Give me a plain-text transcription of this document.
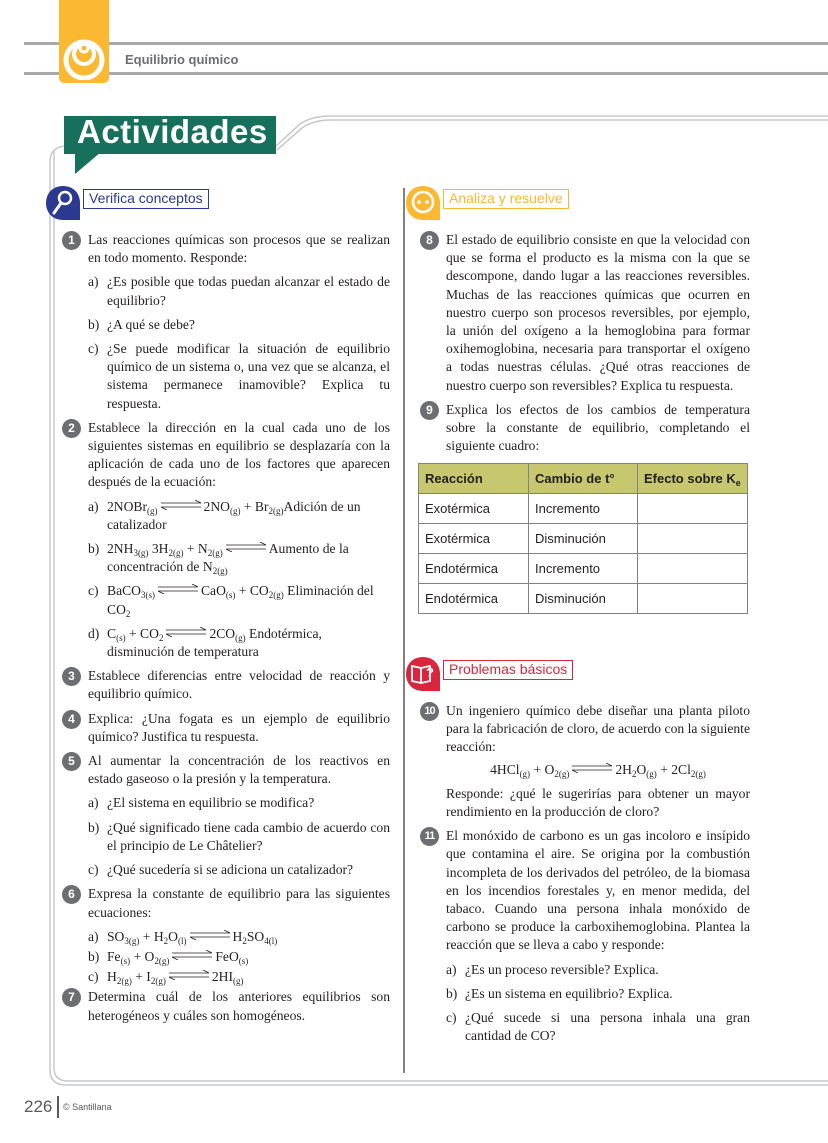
Equilibrio químico
Actividades
Verifica conceptos	Analiza y resuelve
?	Problemas básicos
1 Las reacciones químicas son procesos que se realizan en todo momento. Responde:
a) ¿Es posible que todas puedan alcanzar el estado de equilibrio?
b) ¿A qué se debe?
c) ¿Se puede modificar la situación de equilibrio químico de un sistema o, una vez que se alcanza, el sistema permanece inamovible? Explica tu respuesta.
2 Establece la dirección en la cual cada uno de los siguientes sistemas en equilibrio se desplazaría con la aplicación de cada uno de los factores que aparecen después de la ecuación:
a) 2NOBr$_{(g)}$ ⇌ $2NO_{(g)}$ + $Br_{2(g)}Adición$ de un catalizador
b) $2NH_{3(g)}$ $3H_{2(g)} + N_{2(g)}$ ⇌ Aumento de la concentración de $N_{2(g)}$
c) BaCO$_{3(s)}$ ⇌ $CaO_{(s)} + CO_{2(g)}$ Eliminación del $CO_2$
d) $C_{(s)} + CO_2$ ⇌ $2CO_{(g)}$ Endotérmica, disminución de temperatura
3 Establece diferencias entre velocidad de reacción y equilibrio químico.
4 Explica: ¿Una fogata es un ejemplo de equilibrio químico? Justifica tu respuesta.
5 Al aumentar la concentración de los reactivos en estado gaseoso o la presión y la temperatura.
a) ¿El sistema en equilibrio se modifica?
b) ¿Qué significado tiene cada cambio de acuerdo con el principio de Le Châtelier?
c) ¿Qué sucedería si se adiciona un catalizador?
6 Expresa la constante de equilibrio para las siguientes ecuaciones:
a) $SO_{3(g)} + H_2O_{(l)}$ ⇌ $H_2SO_{4(l)}$
b) $Fe_{(s)} + O_{2(g)}$ ⇌ FeO$_{(s)}$
c) $H_{2(g)} + I_{2(g)}$ ⇌ $2HI_{(g)}$
7 Determina cuál de los anteriores equilibrios son heterogéneos y cuáles son homogéneos.
8 El estado de equilibrio consiste en que la velocidad con que se forma el producto es la misma con la que se descompone, dando lugar a las reacciones reversibles. Muchas de las reacciones químicas que ocurren en nuestro cuerpo son procesos reversibles, por ejemplo, la unión del oxígeno a la hemoglobina para formar oxihemoglobina, necesaria para transportar el oxígeno a todas nuestras células. ¿Qué otras reacciones de nuestro cuerpo son reversibles? Explica tu respuesta.
9 Explica los efectos de los cambios de temperatura sobre la constante de equilibrio, completando el siguiente cuadro:
Reacción	Cambio de t°	Efecto sobre $K_e$
Exotérmica	Incremento	
Exotérmica	Disminución	
Endotérmica	Incremento	
Endotérmica	Disminución	
10 Un ingeniero químico debe diseñar una planta piloto para la fabricación de cloro, de acuerdo con la siguiente reacción:
$4HCl_{(g)} + O_{2(g)}$ ⇌ $2H_2O_{(g)} + 2Cl_{2(g)}$
Responde: ¿qué le sugerirías para obtener un mayor rendimiento en la producción de cloro?
11 El monóxido de carbono es un gas incoloro e insípido que contamina el aire. Se origina por la combustión incompleta de los derivados del petróleo, de la biomasa en los incendios forestales y, en menor medida, del tabaco. Cuando una persona inhala monóxido de carbono se produce la carboxihemoglobina. Plantea la reacción que se lleva a cabo y responde:
a) ¿Es un proceso reversible? Explica.
b) ¿Es un sistema en equilibrio? Explica.
c) ¿Qué sucede si una persona inhala una gran cantidad de CO?
226 © Santillana
